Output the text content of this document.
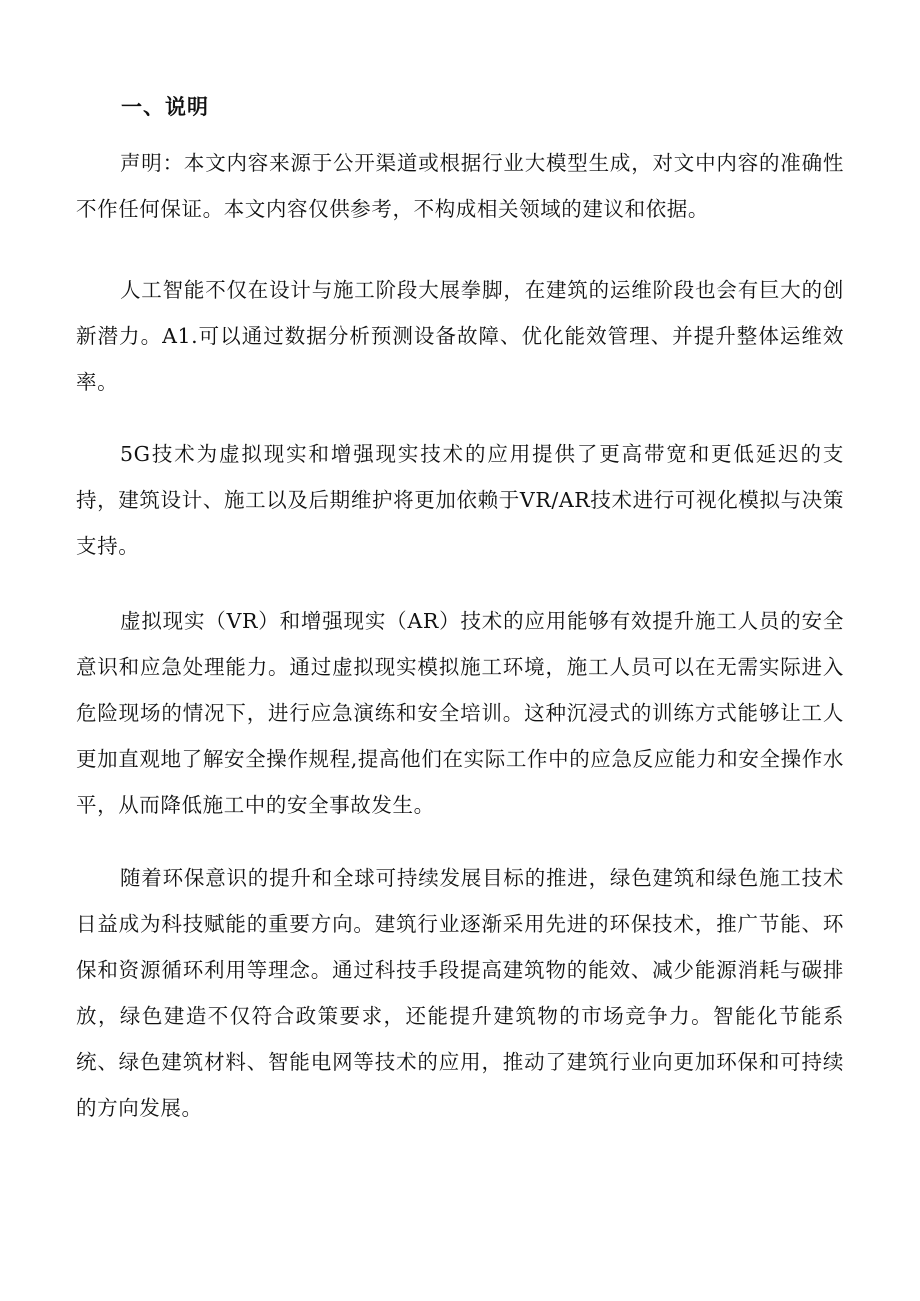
一、说明

声明：本文内容来源于公开渠道或根据行业大模型生成，对文中内容的准确性不作任何保证。本文内容仅供参考，不构成相关领域的建议和依据。

人工智能不仅在设计与施工阶段大展拳脚，在建筑的运维阶段也会有巨大的创新潜力。A1.可以通过数据分析预测设备故障、优化能效管理、并提升整体运维效率。

5G技术为虚拟现实和增强现实技术的应用提供了更高带宽和更低延迟的支持，建筑设计、施工以及后期维护将更加依赖于VR/AR技术进行可视化模拟与决策支持。

虚拟现实（VR）和增强现实（AR）技术的应用能够有效提升施工人员的安全意识和应急处理能力。通过虚拟现实模拟施工环境，施工人员可以在无需实际进入危险现场的情况下，进行应急演练和安全培训。这种沉浸式的训练方式能够让工人更加直观地了解安全操作规程,提高他们在实际工作中的应急反应能力和安全操作水平，从而降低施工中的安全事故发生。

随着环保意识的提升和全球可持续发展目标的推进，绿色建筑和绿色施工技术日益成为科技赋能的重要方向。建筑行业逐渐采用先进的环保技术，推广节能、环保和资源循环利用等理念。通过科技手段提高建筑物的能效、减少能源消耗与碳排放，绿色建造不仅符合政策要求，还能提升建筑物的市场竞争力。智能化节能系统、绿色建筑材料、智能电网等技术的应用，推动了建筑行业向更加环保和可持续的方向发展。
